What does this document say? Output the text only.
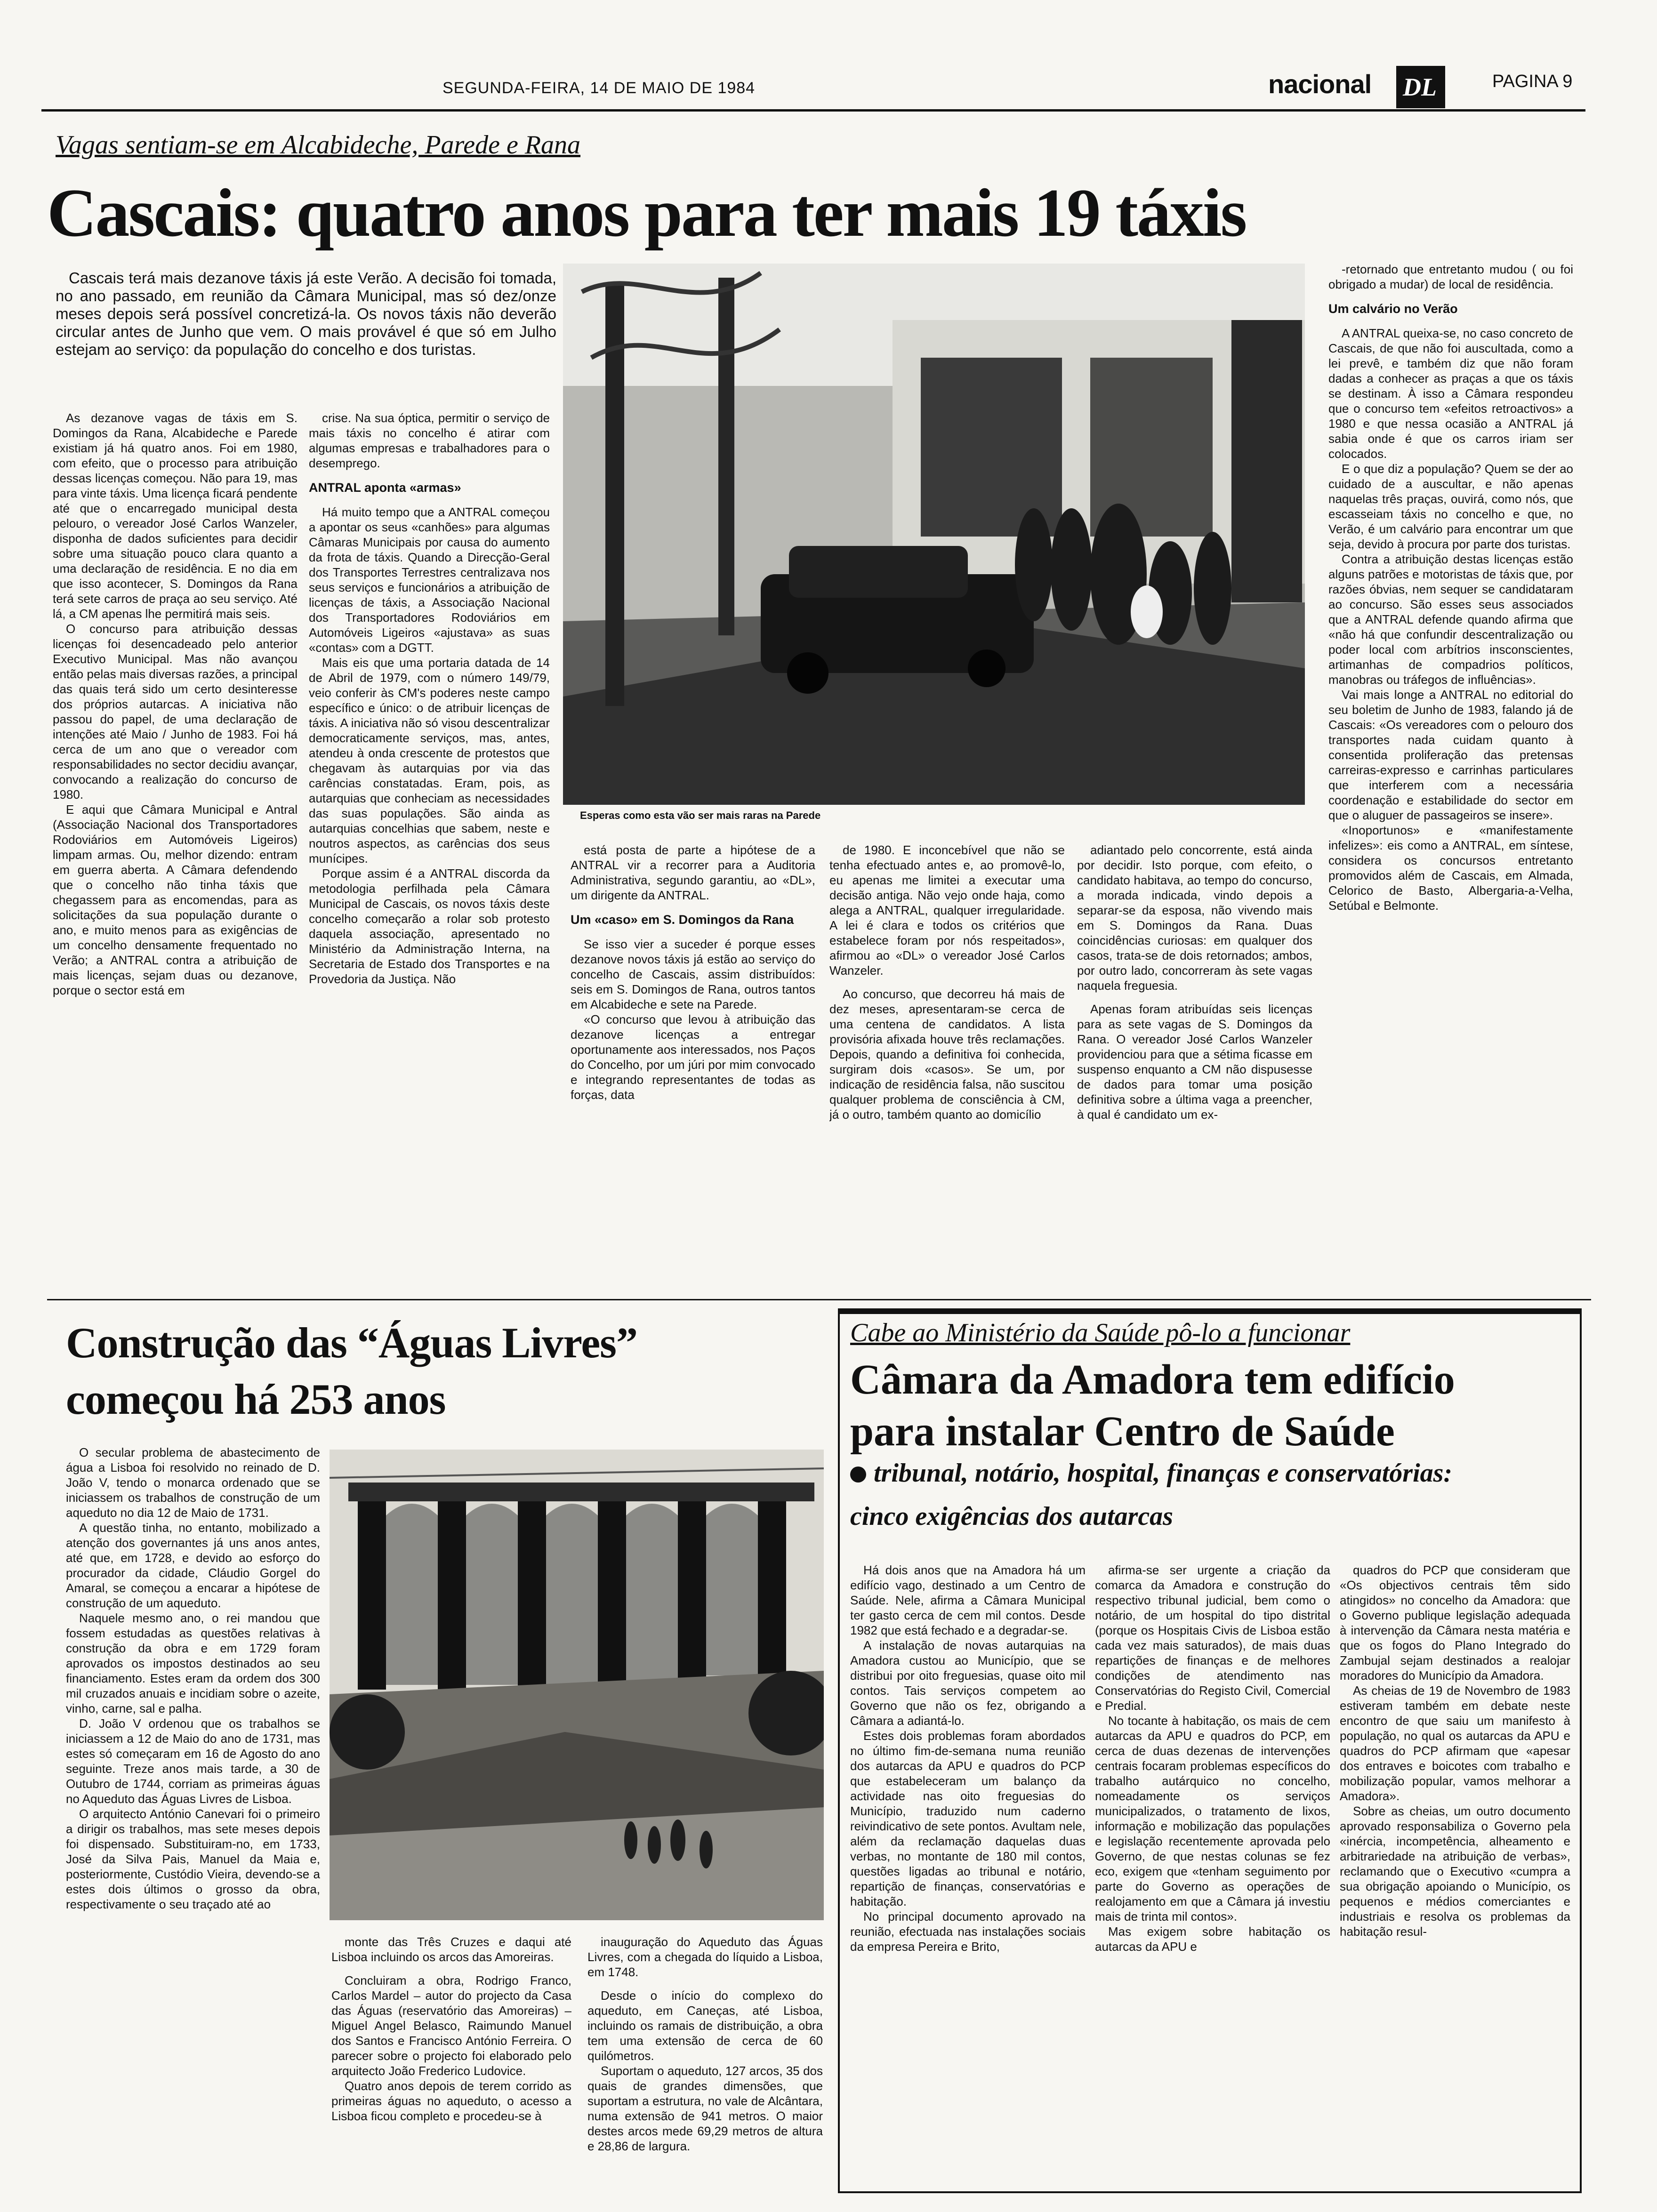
SEGUNDA-FEIRA, 14 DE MAIO DE 1984	nacional DL	PAGINA 9
Vagas sentiam-se em Alcabideche, Parede e Rana
Cascais: quatro anos para ter mais 19 táxis

Cascais terá mais dezanove táxis já este Verão. A decisão foi tomada, no ano passado, em reunião da Câmara Municipal, mas só dez/onze meses depois será possível concretizá-la. Os novos táxis não deverão circular antes de Junho que vem. O mais provável é que só em Julho estejam ao serviço: da população do concelho e dos turistas.

As dezanove vagas de táxis em S. Domingos da Rana, Alcabideche e Parede existiam já há quatro anos. Foi em 1980, com efeito, que o processo para atribuição dessas licenças começou. Não para 19, mas para vinte táxis. Uma licença ficará pendente até que o encarregado municipal desta pelouro, o vereador José Carlos Wanzeler, disponha de dados suficientes para decidir sobre uma situação pouco clara quanto a uma declaração de residência. E no dia em que isso acontecer, S. Domingos da Rana terá sete carros de praça ao seu serviço. Até lá, a CM apenas lhe permitirá mais seis.

O concurso para atribuição dessas licenças foi desencadeado pelo anterior Executivo Municipal. Mas não avançou então pelas mais diversas razões, a principal das quais terá sido um certo desinteresse dos próprios autarcas. A iniciativa não passou do papel, de uma declaração de intenções até Maio / Junho de 1983. Foi há cerca de um ano que o vereador com responsabilidades no sector decidiu avançar, convocando a realização do concurso de 1980.

E aqui que Câmara Municipal e Antral (Associação Nacional dos Transportadores Rodoviários em Automóveis Ligeiros) limpam armas. Ou, melhor dizendo: entram em guerra aberta. A Câmara defendendo que o concelho não tinha táxis que chegassem para as encomendas, para as solicitações da sua população durante o ano, e muito menos para as exigências de um concelho densamente frequentado no Verão; a ANTRAL contra a atribuição de mais licenças, sejam duas ou dezanove, porque o sector está em

crise. Na sua óptica, permitir o serviço de mais táxis no concelho é atirar com algumas empresas e trabalhadores para o desemprego.

ANTRAL aponta «armas»

Há muito tempo que a ANTRAL começou a apontar os seus «canhões» para algumas Câmaras Municipais por causa do aumento da frota de táxis. Quando a Direcção-Geral dos Transportes Terrestres centralizava nos seus serviços e funcionários a atribuição de licenças de táxis, a Associação Nacional dos Transportadores Rodoviários em Automóveis Ligeiros «ajustava» as suas «contas» com a DGTT.

Mais eis que uma portaria datada de 14 de Abril de 1979, com o número 149/79, veio conferir às CM's poderes neste campo específico e único: o de atribuir licenças de táxis. A iniciativa não só visou descentralizar democraticamente serviços, mas, antes, atendeu à onda crescente de protestos que chegavam às autarquias por via das carências constatadas. Eram, pois, as autarquias que conheciam as necessidades das suas populações. São ainda as autarquias concelhias que sabem, neste e noutros aspectos, as carências dos seus munícipes.

Porque assim é a ANTRAL discorda da metodologia perfilhada pela Câmara Municipal de Cascais, os novos táxis deste concelho começarão a rolar sob protesto daquela associação, apresentado no Ministério da Administração Interna, na Secretaria de Estado dos Transportes e na Provedoria da Justiça. Não

Esperas como esta vão ser mais raras na Parede

está posta de parte a hipótese de a ANTRAL vir a recorrer para a Auditoria Administrativa, segundo garantiu, ao «DL», um dirigente da ANTRAL.

Um «caso» em S. Domingos da Rana

Se isso vier a suceder é porque esses dezanove novos táxis já estão ao serviço do concelho de Cascais, assim distribuídos: seis em S. Domingos de Rana, outros tantos em Alcabideche e sete na Parede.

«O concurso que levou à atribuição das dezanove licenças a entregar oportunamente aos interessados, nos Paços do Concelho, por um júri por mim convocado e integrando representantes de todas as forças, data

de 1980. E inconcebível que não se tenha efectuado antes e, ao promovê-lo, eu apenas me limitei a executar uma decisão antiga. Não vejo onde haja, como alega a ANTRAL, qualquer irregularidade. A lei é clara e todos os critérios que estabelece foram por nós respeitados», afirmou ao «DL» o vereador José Carlos Wanzeler.

Ao concurso, que decorreu há mais de dez meses, apresentaram-se cerca de uma centena de candidatos. A lista provisória afixada houve três reclamações. Depois, quando a definitiva foi conhecida, surgiram dois «casos». Se um, por indicação de residência falsa, não suscitou qualquer problema de consciência à CM, já o outro, também quanto ao domicílio

adiantado pelo concorrente, está ainda por decidir. Isto porque, com efeito, o candidato habitava, ao tempo do concurso, a morada indicada, vindo depois a separar-se da esposa, não vivendo mais em S. Domingos da Rana. Duas coincidências curiosas: em qualquer dos casos, trata-se de dois retornados; ambos, por outro lado, concorreram às sete vagas naquela freguesia.

Apenas foram atribuídas seis licenças para as sete vagas de S. Domingos da Rana. O vereador José Carlos Wanzeler providenciou para que a sétima ficasse em suspenso enquanto a CM não dispusesse de dados para tomar uma posição definitiva sobre a última vaga a preencher, à qual é candidato um ex-

-retornado que entretanto mudou ( ou foi obrigado a mudar) de local de residência.

Um calvário no Verão

A ANTRAL queixa-se, no caso concreto de Cascais, de que não foi auscultada, como a lei prevê, e também diz que não foram dadas a conhecer as praças a que os táxis se destinam. À isso a Câmara respondeu que o concurso tem «efeitos retroactivos» a 1980 e que nessa ocasião a ANTRAL já sabia onde é que os carros iriam ser colocados.

E o que diz a população? Quem se der ao cuidado de a auscultar, e não apenas naquelas três praças, ouvirá, como nós, que escasseiam táxis no concelho e que, no Verão, é um calvário para encontrar um que seja, devido à procura por parte dos turistas.

Contra a atribuição destas licenças estão alguns patrões e motoristas de táxis que, por razões óbvias, nem sequer se candidataram ao concurso. São esses seus associados que a ANTRAL defende quando afirma que «não há que confundir descentralização ou poder local com arbítrios insconscientes, artimanhas de compadrios políticos, manobras ou tráfegos de influências».

Vai mais longe a ANTRAL no editorial do seu boletim de Junho de 1983, falando já de Cascais: «Os vereadores com o pelouro dos transportes nada cuidam quanto à consentida proliferação das pretensas carreiras-expresso e carrinhas particulares que interferem com a necessária coordenação e estabilidade do sector em que o aluguer de passageiros se insere».

«Inoportunos» e «manifestamente infelizes»: eis como a ANTRAL, em síntese, considera os concursos entretanto promovidos além de Cascais, em Almada, Celorico de Basto, Albergaria-a-Velha, Setúbal e Belmonte.

Construção das “Águas Livres”
começou há 253 anos

O secular problema de abastecimento de água a Lisboa foi resolvido no reinado de D. João V, tendo o monarca ordenado que se iniciassem os trabalhos de construção de um aqueduto no dia 12 de Maio de 1731.

A questão tinha, no entanto, mobilizado a atenção dos governantes já uns anos antes, até que, em 1728, e devido ao esforço do procurador da cidade, Cláudio Gorgel do Amaral, se começou a encarar a hipótese de construção de um aqueduto.

Naquele mesmo ano, o rei mandou que fossem estudadas as questões relativas à construção da obra e em 1729 foram aprovados os impostos destinados ao seu financiamento. Estes eram da ordem dos 300 mil cruzados anuais e incidiam sobre o azeite, vinho, carne, sal e palha.

D. João V ordenou que os trabalhos se iniciassem a 12 de Maio do ano de 1731, mas estes só começaram em 16 de Agosto do ano seguinte. Treze anos mais tarde, a 30 de Outubro de 1744, corriam as primeiras águas no Aqueduto das Águas Livres de Lisboa.

O arquitecto António Canevari foi o primeiro a dirigir os trabalhos, mas sete meses depois foi dispensado. Substituiram-no, em 1733, José da Silva Pais, Manuel da Maia e, posteriormente, Custódio Vieira, devendo-se a estes dois últimos o grosso da obra, respectivamente o seu traçado até ao

monte das Três Cruzes e daqui até Lisboa incluindo os arcos das Amoreiras.

Concluiram a obra, Rodrigo Franco, Carlos Mardel – autor do projecto da Casa das Águas (reservatório das Amoreiras) – Miguel Angel Belasco, Raimundo Manuel dos Santos e Francisco António Ferreira. O parecer sobre o projecto foi elaborado pelo arquitecto João Frederico Ludovice.

Quatro anos depois de terem corrido as primeiras águas no aqueduto, o acesso a Lisboa ficou completo e procedeu-se à

inauguração do Aqueduto das Águas Livres, com a chegada do líquido a Lisboa, em 1748.

Desde o início do complexo do aqueduto, em Caneças, até Lisboa, incluindo os ramais de distribuição, a obra tem uma extensão de cerca de 60 quilómetros.

Suportam o aqueduto, 127 arcos, 35 dos quais de grandes dimensões, que suportam a estrutura, no vale de Alcântara, numa extensão de 941 metros. O maior destes arcos mede 69,29 metros de altura e 28,86 de largura.

Cabe ao Ministério da Saúde pô-lo a funcionar
Câmara da Amadora tem edifício
para instalar Centro de Saúde
tribunal, notário, hospital, finanças e conservatórias:
cinco exigências dos autarcas

Há dois anos que na Amadora há um edifício vago, destinado a um Centro de Saúde. Nele, afirma a Câmara Municipal ter gasto cerca de cem mil contos. Desde 1982 que está fechado e a degradar-se.

A instalação de novas autarquias na Amadora custou ao Município, que se distribui por oito freguesias, quase oito mil contos. Tais serviços competem ao Governo que não os fez, obrigando a Câmara a adiantá-lo.

Estes dois problemas foram abordados no último fim-de-semana numa reunião dos autarcas da APU e quadros do PCP que estabeleceram um balanço da actividade nas oito freguesias do Município, traduzido num caderno reivindicativo de sete pontos. Avultam nele, além da reclamação daquelas duas verbas, no montante de 180 mil contos, questões ligadas ao tribunal e notário, repartição de finanças, conservatórias e habitação.

No principal documento aprovado na reunião, efectuada nas instalações sociais da empresa Pereira e Brito,

afirma-se ser urgente a criação da comarca da Amadora e construção do respectivo tribunal judicial, bem como o notário, de um hospital do tipo distrital (porque os Hospitais Civis de Lisboa estão cada vez mais saturados), de mais duas repartições de finanças e de melhores condições de atendimento nas Conservatórias do Registo Civil, Comercial e Predial.

No tocante à habitação, os mais de cem autarcas da APU e quadros do PCP, em cerca de duas dezenas de intervenções centrais focaram problemas específicos do trabalho autárquico no concelho, nomeadamente os serviços municipalizados, o tratamento de lixos, informação e mobilização das populações e legislação recentemente aprovada pelo Governo, de que nestas colunas se fez eco, exigem que «tenham seguimento por parte do Governo as operações de realojamento em que a Câmara já investiu mais de trinta mil contos».

Mas exigem sobre habitação os autarcas da APU e

quadros do PCP que consideram que «Os objectivos centrais têm sido atingidos» no concelho da Amadora: que o Governo publique legislação adequada à intervenção da Câmara nesta matéria e que os fogos do Plano Integrado do Zambujal sejam destinados a realojar moradores do Município da Amadora.

As cheias de 19 de Novembro de 1983 estiveram também em debate neste encontro de que saiu um manifesto à população, no qual os autarcas da APU e quadros do PCP afirmam que «apesar dos entraves e boicotes com trabalho e mobilização popular, vamos melhorar a Amadora».

Sobre as cheias, um outro documento aprovado responsabiliza o Governo pela «inércia, incompetência, alheamento e arbitrariedade na atribuição de verbas», reclamando que o Executivo «cumpra a sua obrigação apoiando o Município, os pequenos e médios comerciantes e industriais e resolva os problemas da habitação resul-
